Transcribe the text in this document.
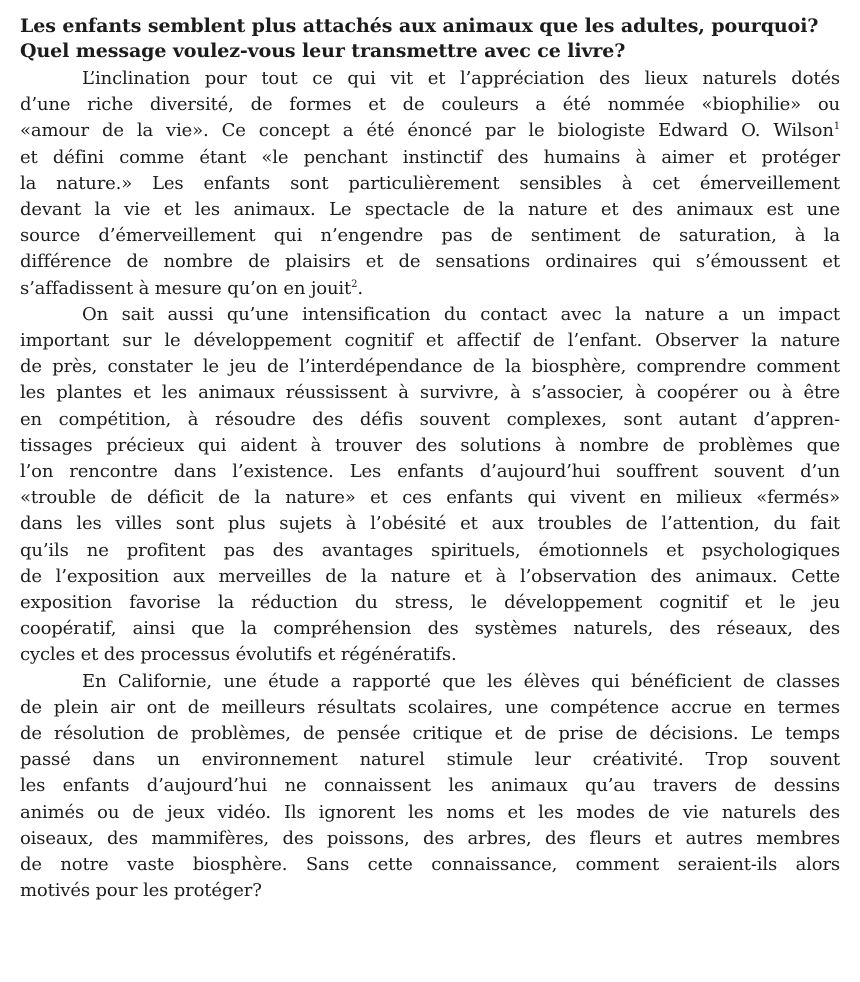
Les enfants semblent plus attachés aux animaux que les adultes, pourquoi?
Quel message voulez-vous leur transmettre avec ce livre?

L’inclination pour tout ce qui vit et l’appréciation des lieux naturels dotés
d’une riche diversité, de formes et de couleurs a été nommée «biophilie» ou
«amour de la vie». Ce concept a été énoncé par le biologiste Edward O. Wilson$^1$
et défini comme étant «le penchant instinctif des humains à aimer et protéger
la nature.» Les enfants sont particulièrement sensibles à cet émerveillement
devant la vie et les animaux. Le spectacle de la nature et des animaux est une
source d’émerveillement qui n’engendre pas de sentiment de saturation, à la
différence de nombre de plaisirs et de sensations ordinaires qui s’émoussent et
s’affadissent à mesure qu’on en jouit$^2$.

On sait aussi qu’une intensification du contact avec la nature a un impact
important sur le développement cognitif et affectif de l’enfant. Observer la nature
de près, constater le jeu de l’interdépendance de la biosphère, comprendre comment
les plantes et les animaux réussissent à survivre, à s’associer, à coopérer ou à être
en compétition, à résoudre des défis souvent complexes, sont autant d’appren-
tissages précieux qui aident à trouver des solutions à nombre de problèmes que
l’on rencontre dans l’existence. Les enfants d’aujourd’hui souffrent souvent d’un
«trouble de déficit de la nature» et ces enfants qui vivent en milieux «fermés»
dans les villes sont plus sujets à l’obésité et aux troubles de l’attention, du fait
qu’ils ne profitent pas des avantages spirituels, émotionnels et psychologiques
de l’exposition aux merveilles de la nature et à l’observation des animaux. Cette
exposition favorise la réduction du stress, le développement cognitif et le jeu
coopératif, ainsi que la compréhension des systèmes naturels, des réseaux, des
cycles et des processus évolutifs et régénératifs.

En Californie, une étude a rapporté que les élèves qui bénéficient de classes
de plein air ont de meilleurs résultats scolaires, une compétence accrue en termes
de résolution de problèmes, de pensée critique et de prise de décisions. Le temps
passé dans un environnement naturel stimule leur créativité. Trop souvent
les enfants d’aujourd’hui ne connaissent les animaux qu’au travers de dessins
animés ou de jeux vidéo. Ils ignorent les noms et les modes de vie naturels des
oiseaux, des mammifères, des poissons, des arbres, des fleurs et autres membres
de notre vaste biosphère. Sans cette connaissance, comment seraient-ils alors
motivés pour les protéger?
